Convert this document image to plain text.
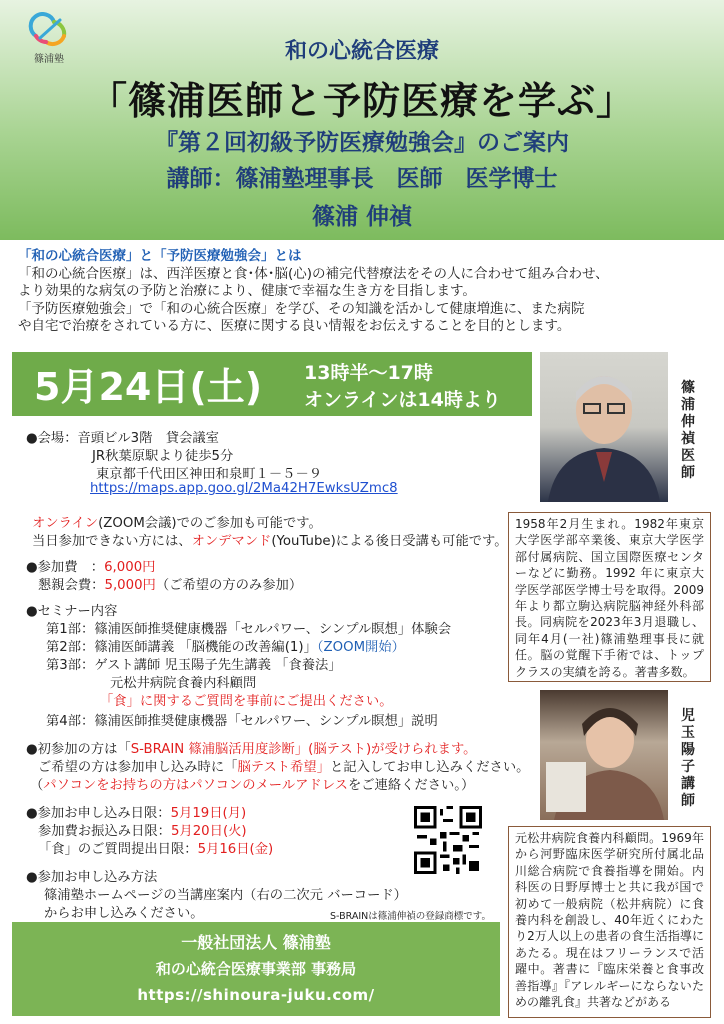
篠浦塾	和の心統合医療
「篠浦医師と予防医療を学ぶ」
『第２回初級予防医療勉強会』のご案内
講師：篠浦塾理事長　医師　医学博士
篠浦 伸禎
「和の心統合医療」と「予防医療勉強会」とは
「和の心統合医療」は、西洋医療と食･体･脳(心)の補完代替療法をその人に合わせて組み合わせ、
より効果的な病気の予防と治療により、健康で幸福な生き方を目指します。
「予防医療勉強会」で「和の心統合医療」を学び、その知識を活かして健康増進に、また病院
や自宅で治療をされている方に、医療に関する良い情報をお伝えすることを目的とします。
5月24日(土) 13時半～17時
オンラインは14時より
篠浦伸禎医師
1958年2月生まれ。1982年東京大学医学部卒業後、東京大学医学部付属病院、国立国際医療センターなどに勤務。1992 年に東京大学医学部医学博士号を取得。2009年より都立駒込病院脳神経外科部長。同病院を2023年3月退職し、同年4月(一社)篠浦塾理事長に就任。脳の覚醒下手術では、トップクラスの実績を誇る。著書多数。
児玉陽子講師
元松井病院食養内科顧問。1969年から河野臨床医学研究所付属北品川総合病院で食養指導を開始。内科医の日野厚博士と共に我が国で初めて一般病院（松井病院）に食養内科を創設し、40年近くにわたり2万人以上の患者の食生活指導にあたる。現在はフリーランスで活躍中。著書に『臨床栄養と食事改善指導』『アレルギーにならないための離乳食』共著などがある
●会場：音頭ビル3階　貸会議室
JR秋葉原駅より徒歩5分
東京都千代田区神田和泉町１－５－９
https://maps.app.goo.gl/2Ma42H7EwksUZmc8
オンライン(ZOOM会議)でのご参加も可能です。
当日参加できない方には、オンデマンド(YouTube)による後日受講も可能です。
●参加費　：6,000円
懇親会費：5,000円（ご希望の方のみ参加）
●セミナー内容
第1部：篠浦医師推奨健康機器「セルパワー、シンプル瞑想」体験会
第2部：篠浦医師講義 「脳機能の改善編(1)」（ZOOM開始）
第3部：ゲスト講師 児玉陽子先生講義 「食養法」
元松井病院食養内科顧問
「食」に関するご質問を事前にご提出ください。
第4部：篠浦医師推奨健康機器「セルパワー、シンプル瞑想」説明
●初参加の方は「S-BRAIN 篠浦脳活用度診断」(脳テスト)が受けられます。
ご希望の方は参加申し込み時に「脳テスト希望」と記入してお申し込みください。
（パソコンをお持ちの方はパソコンのメールアドレスをご連絡ください。）
●参加お申し込み日限：5月19日(月)
参加費お振込み日限：5月20日(火)
「食」のご質問提出日限：5月16日(金)
●参加お申し込み方法
篠浦塾ホームページの当講座案内（右の二次元 バーコード）
からお申し込みください。	S-BRAINは篠浦伸禎の登録商標です。
一般社団法人 篠浦塾
和の心統合医療事業部 事務局
https://shinoura-juku.com/
